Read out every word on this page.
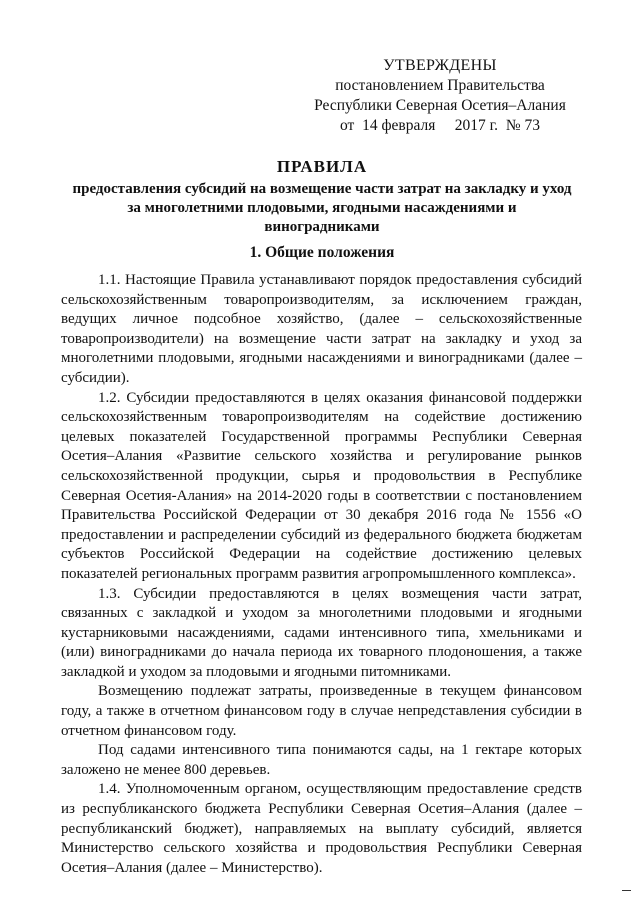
УТВЕРЖДЕНЫ
постановлением Правительства
Республики Северная Осетия–Алания
от 14 февраля 2017 г. № 73
ПРАВИЛА
предоставления субсидий на возмещение части затрат на закладку и уход за многолетними плодовыми, ягодными насаждениями и виноградниками
1. Общие положения

1.1. Настоящие Правила устанавливают порядок предоставления субсидий сельскохозяйственным товаропроизводителям, за исключением граждан, ведущих личное подсобное хозяйство, (далее – сельскохозяйственные товаропроизводители) на возмещение части затрат на закладку и уход за многолетними плодовыми, ягодными насаждениями и виноградниками (далее – субсидии).

1.2. Субсидии предоставляются в целях оказания финансовой поддержки сельскохозяйственным товаропроизводителям на содействие достижению целевых показателей Государственной программы Республики Северная Осетия–Алания «Развитие сельского хозяйства и регулирование рынков сельскохозяйственной продукции, сырья и продовольствия в Республике Северная Осетия-Алания» на 2014-2020 годы в соответствии с постановлением Правительства Российской Федерации от 30 декабря 2016 года № 1556 «О предоставлении и распределении субсидий из федерального бюджета бюджетам субъектов Российской Федерации на содействие достижению целевых показателей региональных программ развития агропромышленного комплекса».

1.3. Субсидии предоставляются в целях возмещения части затрат, связанных с закладкой и уходом за многолетними плодовыми и ягодными кустарниковыми насаждениями, садами интенсивного типа, хмельниками и (или) виноградниками до начала периода их товарного плодоношения, а также закладкой и уходом за плодовыми и ягодными питомниками.

Возмещению подлежат затраты, произведенные в текущем финансовом году, а также в отчетном финансовом году в случае непредставления субсидии в отчетном финансовом году.

Под садами интенсивного типа понимаются сады, на 1 гектаре которых заложено не менее 800 деревьев.

1.4. Уполномоченным органом, осуществляющим предоставление средств из республиканского бюджета Республики Северная Осетия–Алания (далее – республиканский бюджет), направляемых на выплату субсидий, является Министерство сельского хозяйства и продовольствия Республики Северная Осетия–Алания (далее – Министерство).
